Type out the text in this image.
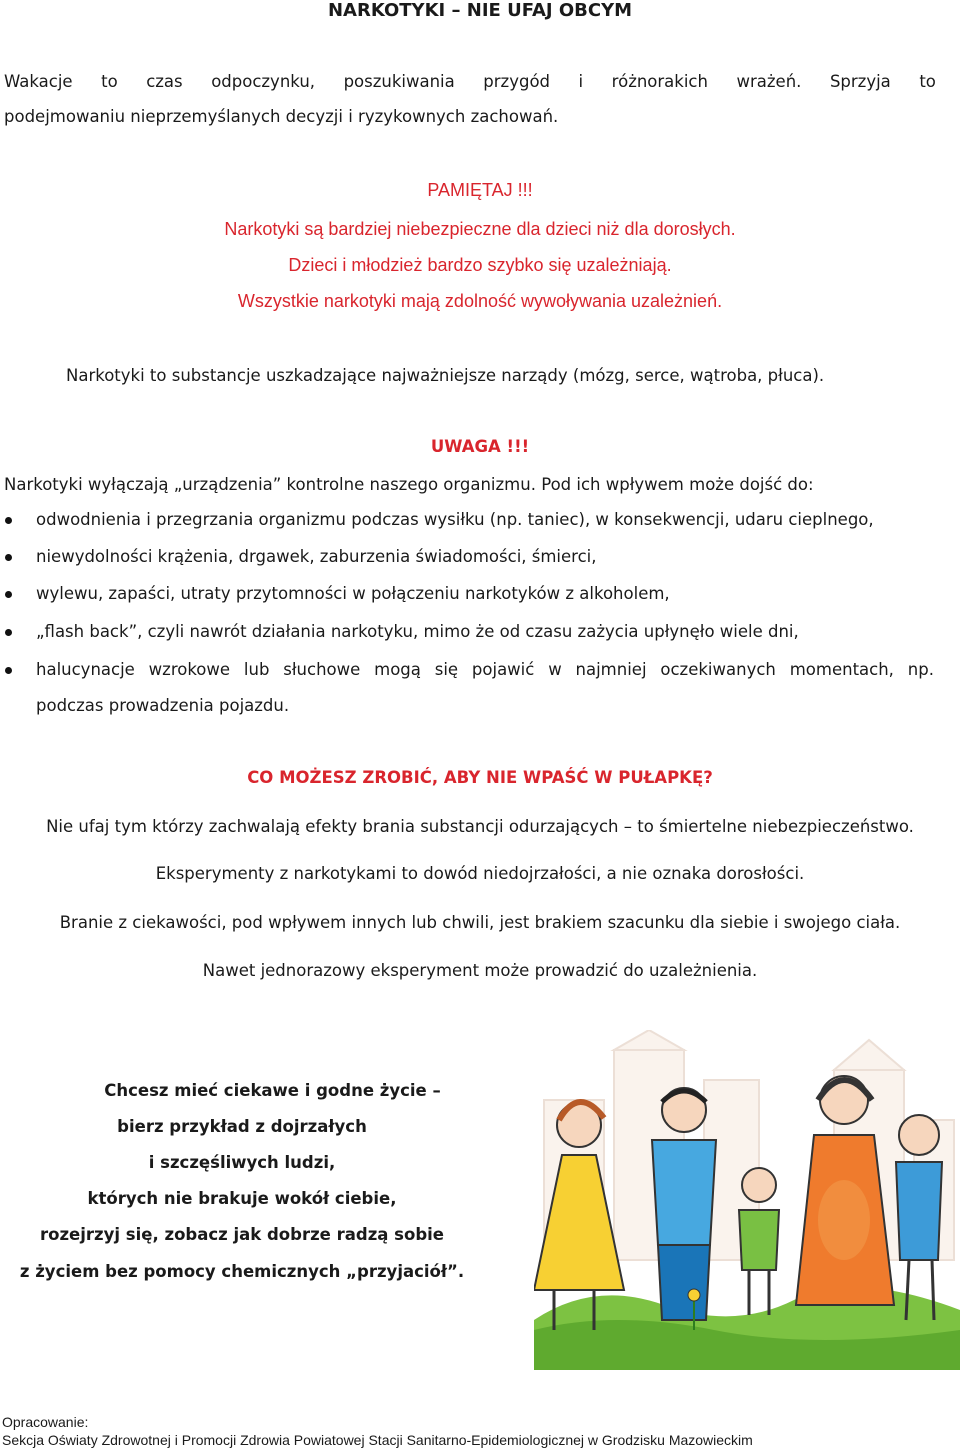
NARKOTYKI – NIE UFAJ OBCYM
Wakacje to czas odpoczynku, poszukiwania przygód i różnorakich wrażeń. Sprzyja to
podejmowaniu nieprzemyślanych decyzji i ryzykownych zachowań.
PAMIĘTAJ !!!
Narkotyki są bardziej niebezpieczne dla dzieci niż dla dorosłych.
Dzieci i młodzież bardzo szybko się uzależniają.
Wszystkie narkotyki mają zdolność wywoływania uzależnień.
Narkotyki to substancje uszkadzające najważniejsze narządy (mózg, serce, wątroba, płuca).
UWAGA !!!
Narkotyki wyłączają „urządzenia” kontrolne naszego organizmu. Pod ich wpływem może dojść do:
odwodnienia i przegrzania organizmu podczas wysiłku (np. taniec), w konsekwencji, udaru cieplnego,
niewydolności krążenia, drgawek, zaburzenia świadomości, śmierci,
wylewu, zapaści, utraty przytomności w połączeniu narkotyków z alkoholem,
„flash back”, czyli nawrót działania narkotyku, mimo że od czasu zażycia upłynęło wiele dni,
halucynacje wzrokowe lub słuchowe mogą się pojawić w najmniej oczekiwanych momentach, np.
podczas prowadzenia pojazdu.
CO MOŻESZ ZROBIĆ, ABY NIE WPAŚĆ W PUŁAPKĘ?
Nie ufaj tym którzy zachwalają efekty brania substancji odurzających – to śmiertelne niebezpieczeństwo.
Eksperymenty z narkotykami to dowód niedojrzałości, a nie oznaka dorosłości.
Branie z ciekawości, pod wpływem innych lub chwili, jest brakiem szacunku dla siebie i swojego ciała.
Nawet jednorazowy eksperyment może prowadzić do uzależnienia.
Chcesz mieć ciekawe i godne życie –
bierz przykład z dojrzałych
i szczęśliwych ludzi,
których nie brakuje wokół ciebie,
rozejrzyj się, zobacz jak dobrze radzą sobie
z życiem bez pomocy chemicznych „przyjaciół”.
Opracowanie:
Sekcja Oświaty Zdrowotnej i Promocji Zdrowia Powiatowej Stacji Sanitarno-Epidemiologicznej w Grodzisku Mazowieckim
